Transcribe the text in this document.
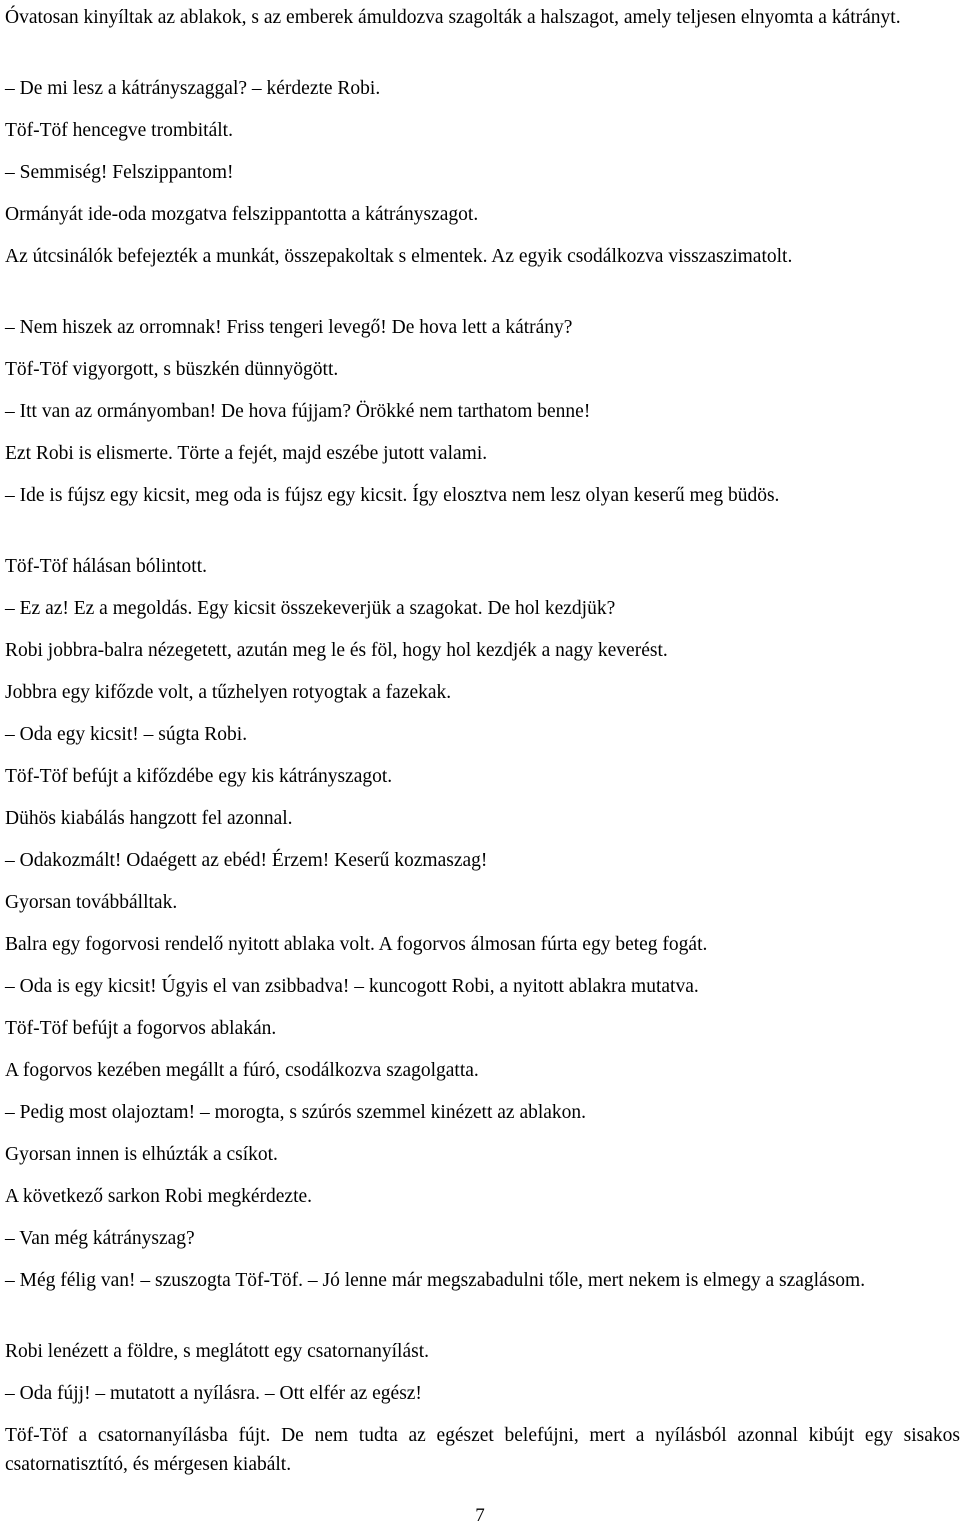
Óvatosan kinyíltak az ablakok, s az emberek ámuldozva szagolták a halszagot, amely teljesen elnyomta a kátrányt.
– De mi lesz a kátrányszaggal? – kérdezte Robi.
Töf-Töf hencegve trombitált.
– Semmiség! Felszippantom!
Ormányát ide-oda mozgatva felszippantotta a kátrányszagot.
Az útcsinálók befejezték a munkát, összepakoltak s elmentek. Az egyik csodálkozva visszaszimatolt.
– Nem hiszek az orromnak! Friss tengeri levegő! De hova lett a kátrány?
Töf-Töf vigyorgott, s büszkén dünnyögött.
– Itt van az ormányomban! De hova fújjam? Örökké nem tarthatom benne!
Ezt Robi is elismerte. Törte a fejét, majd eszébe jutott valami.
– Ide is fújsz egy kicsit, meg oda is fújsz egy kicsit. Így elosztva nem lesz olyan keserű meg büdös.
Töf-Töf hálásan bólintott.
– Ez az! Ez a megoldás. Egy kicsit összekeverjük a szagokat. De hol kezdjük?
Robi jobbra-balra nézegetett, azután meg le és föl, hogy hol kezdjék a nagy keverést.
Jobbra egy kifőzde volt, a tűzhelyen rotyogtak a fazekak.
– Oda egy kicsit! – súgta Robi.
Töf-Töf befújt a kifőzdébe egy kis kátrányszagot.
Dühös kiabálás hangzott fel azonnal.
– Odakozmált! Odaégett az ebéd! Érzem! Keserű kozmaszag!
Gyorsan továbbálltak.
Balra egy fogorvosi rendelő nyitott ablaka volt. A fogorvos álmosan fúrta egy beteg fogát.
– Oda is egy kicsit! Úgyis el van zsibbadva! – kuncogott Robi, a nyitott ablakra mutatva.
Töf-Töf befújt a fogorvos ablakán.
A fogorvos kezében megállt a fúró, csodálkozva szagolgatta.
– Pedig most olajoztam! – morogta, s szúrós szemmel kinézett az ablakon.
Gyorsan innen is elhúzták a csíkot.
A következő sarkon Robi megkérdezte.
– Van még kátrányszag?
– Még félig van! – szuszogta Töf-Töf. – Jó lenne már megszabadulni tőle, mert nekem is elmegy a szaglásom.
Robi lenézett a földre, s meglátott egy csatornanyílást.
– Oda fújj! – mutatott a nyílásra. – Ott elfér az egész!
Töf-Töf a csatornanyílásba fújt. De nem tudta az egészet belefújni, mert a nyílásból azonnal kibújt egy sisakos csatornatisztító, és mérgesen kiabált.
7
